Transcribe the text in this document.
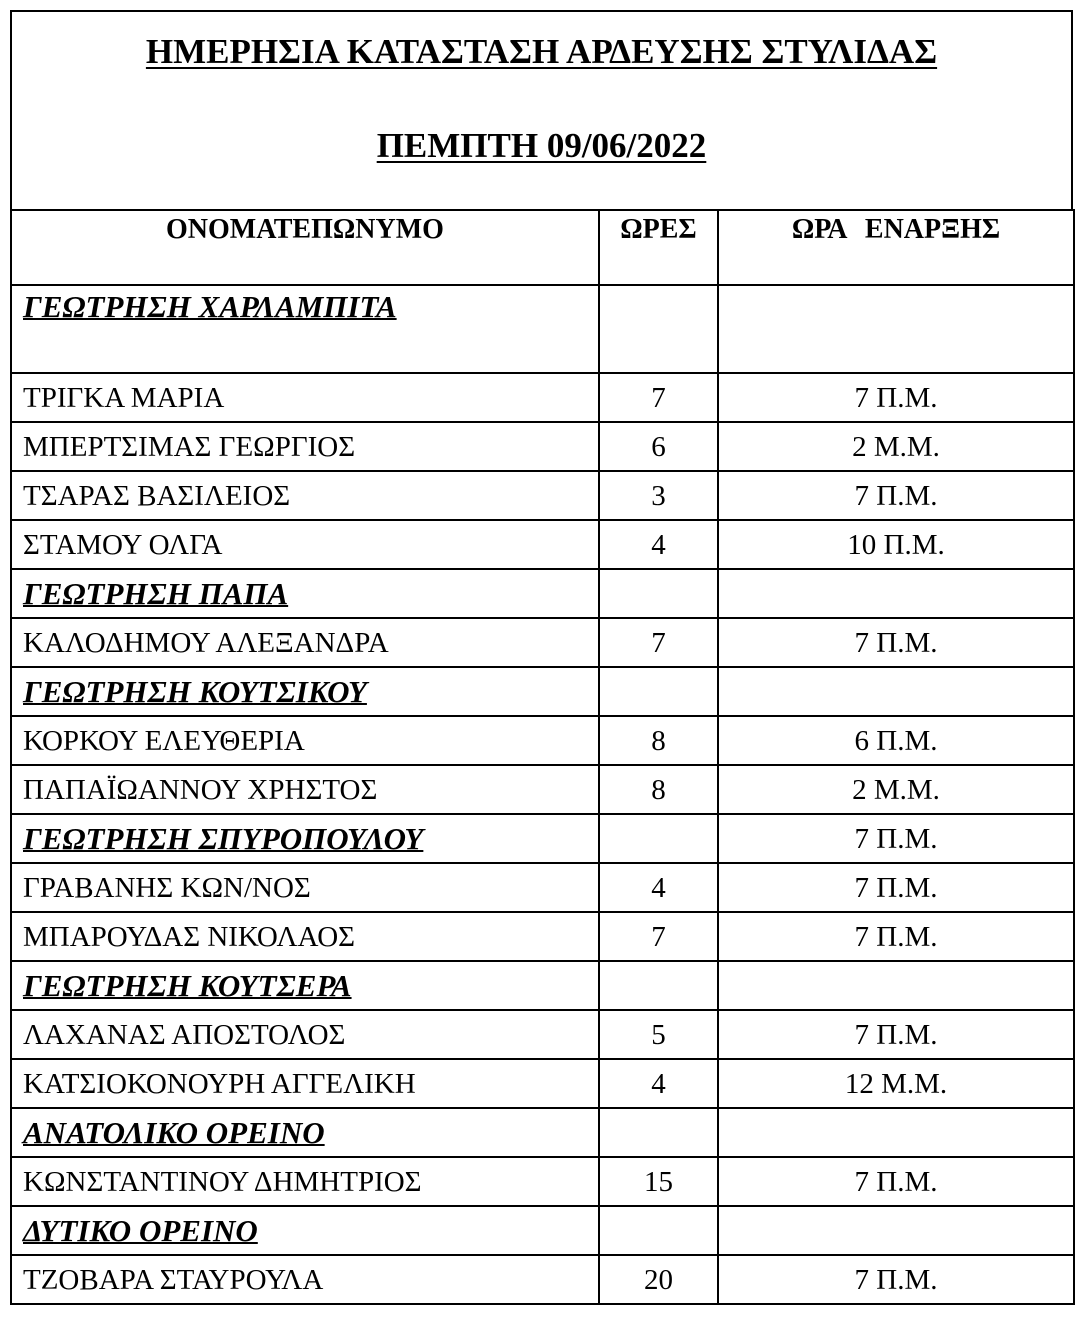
ΗΜΕΡΗΣΙΑ ΚΑΤΑΣΤΑΣΗ ΑΡΔΕΥΣΗΣ ΣΤΥΛΙΔΑΣ
ΠΕΜΠΤΗ 09/06/2022
ΟΝΟΜΑΤΕΠΩΝΥΜΟ	ΩΡΕΣ	ΩΡΑ ΕΝΑΡΞΗΣ
ΓΕΩΤΡΗΣΗ ΧΑΡΛΑΜΠΙΤΑ		
ΤΡΙΓΚΑ ΜΑΡΙΑ	7	7 Π.Μ.
ΜΠΕΡΤΣΙΜΑΣ ΓΕΩΡΓΙΟΣ	6	2 Μ.Μ.
ΤΣΑΡΑΣ ΒΑΣΙΛΕΙΟΣ	3	7 Π.Μ.
ΣΤΑΜΟΥ ΟΛΓΑ	4	10 Π.Μ.
ΓΕΩΤΡΗΣΗ ΠΑΠΑ		
ΚΑΛΟΔΗΜΟΥ ΑΛΕΞΑΝΔΡΑ	7	7 Π.Μ.
ΓΕΩΤΡΗΣΗ ΚΟΥΤΣΙΚΟΥ		
ΚΟΡΚΟΥ ΕΛΕΥΘΕΡΙΑ	8	6 Π.Μ.
ΠΑΠΑΪΩΑΝΝΟΥ ΧΡΗΣΤΟΣ	8	2 Μ.Μ.
ΓΕΩΤΡΗΣΗ ΣΠΥΡΟΠΟΥΛΟΥ		7 Π.Μ.
ΓΡΑΒΑΝΗΣ ΚΩΝ/ΝΟΣ	4	7 Π.Μ.
ΜΠΑΡΟΥΔΑΣ ΝΙΚΟΛΑΟΣ	7	7 Π.Μ.
ΓΕΩΤΡΗΣΗ ΚΟΥΤΣΕΡΑ		
ΛΑΧΑΝΑΣ ΑΠΟΣΤΟΛΟΣ	5	7 Π.Μ.
ΚΑΤΣΙΟΚΟΝΟΥΡΗ ΑΓΓΕΛΙΚΗ	4	12 Μ.Μ.
ΑΝΑΤΟΛΙΚΟ ΟΡΕΙΝΟ		
ΚΩΝΣΤΑΝΤΙΝΟΥ ΔΗΜΗΤΡΙΟΣ	15	7 Π.Μ.
ΔΥΤΙΚΟ ΟΡΕΙΝΟ		
ΤΖΟΒΑΡΑ ΣΤΑΥΡΟΥΛΑ	20	7 Π.Μ.
